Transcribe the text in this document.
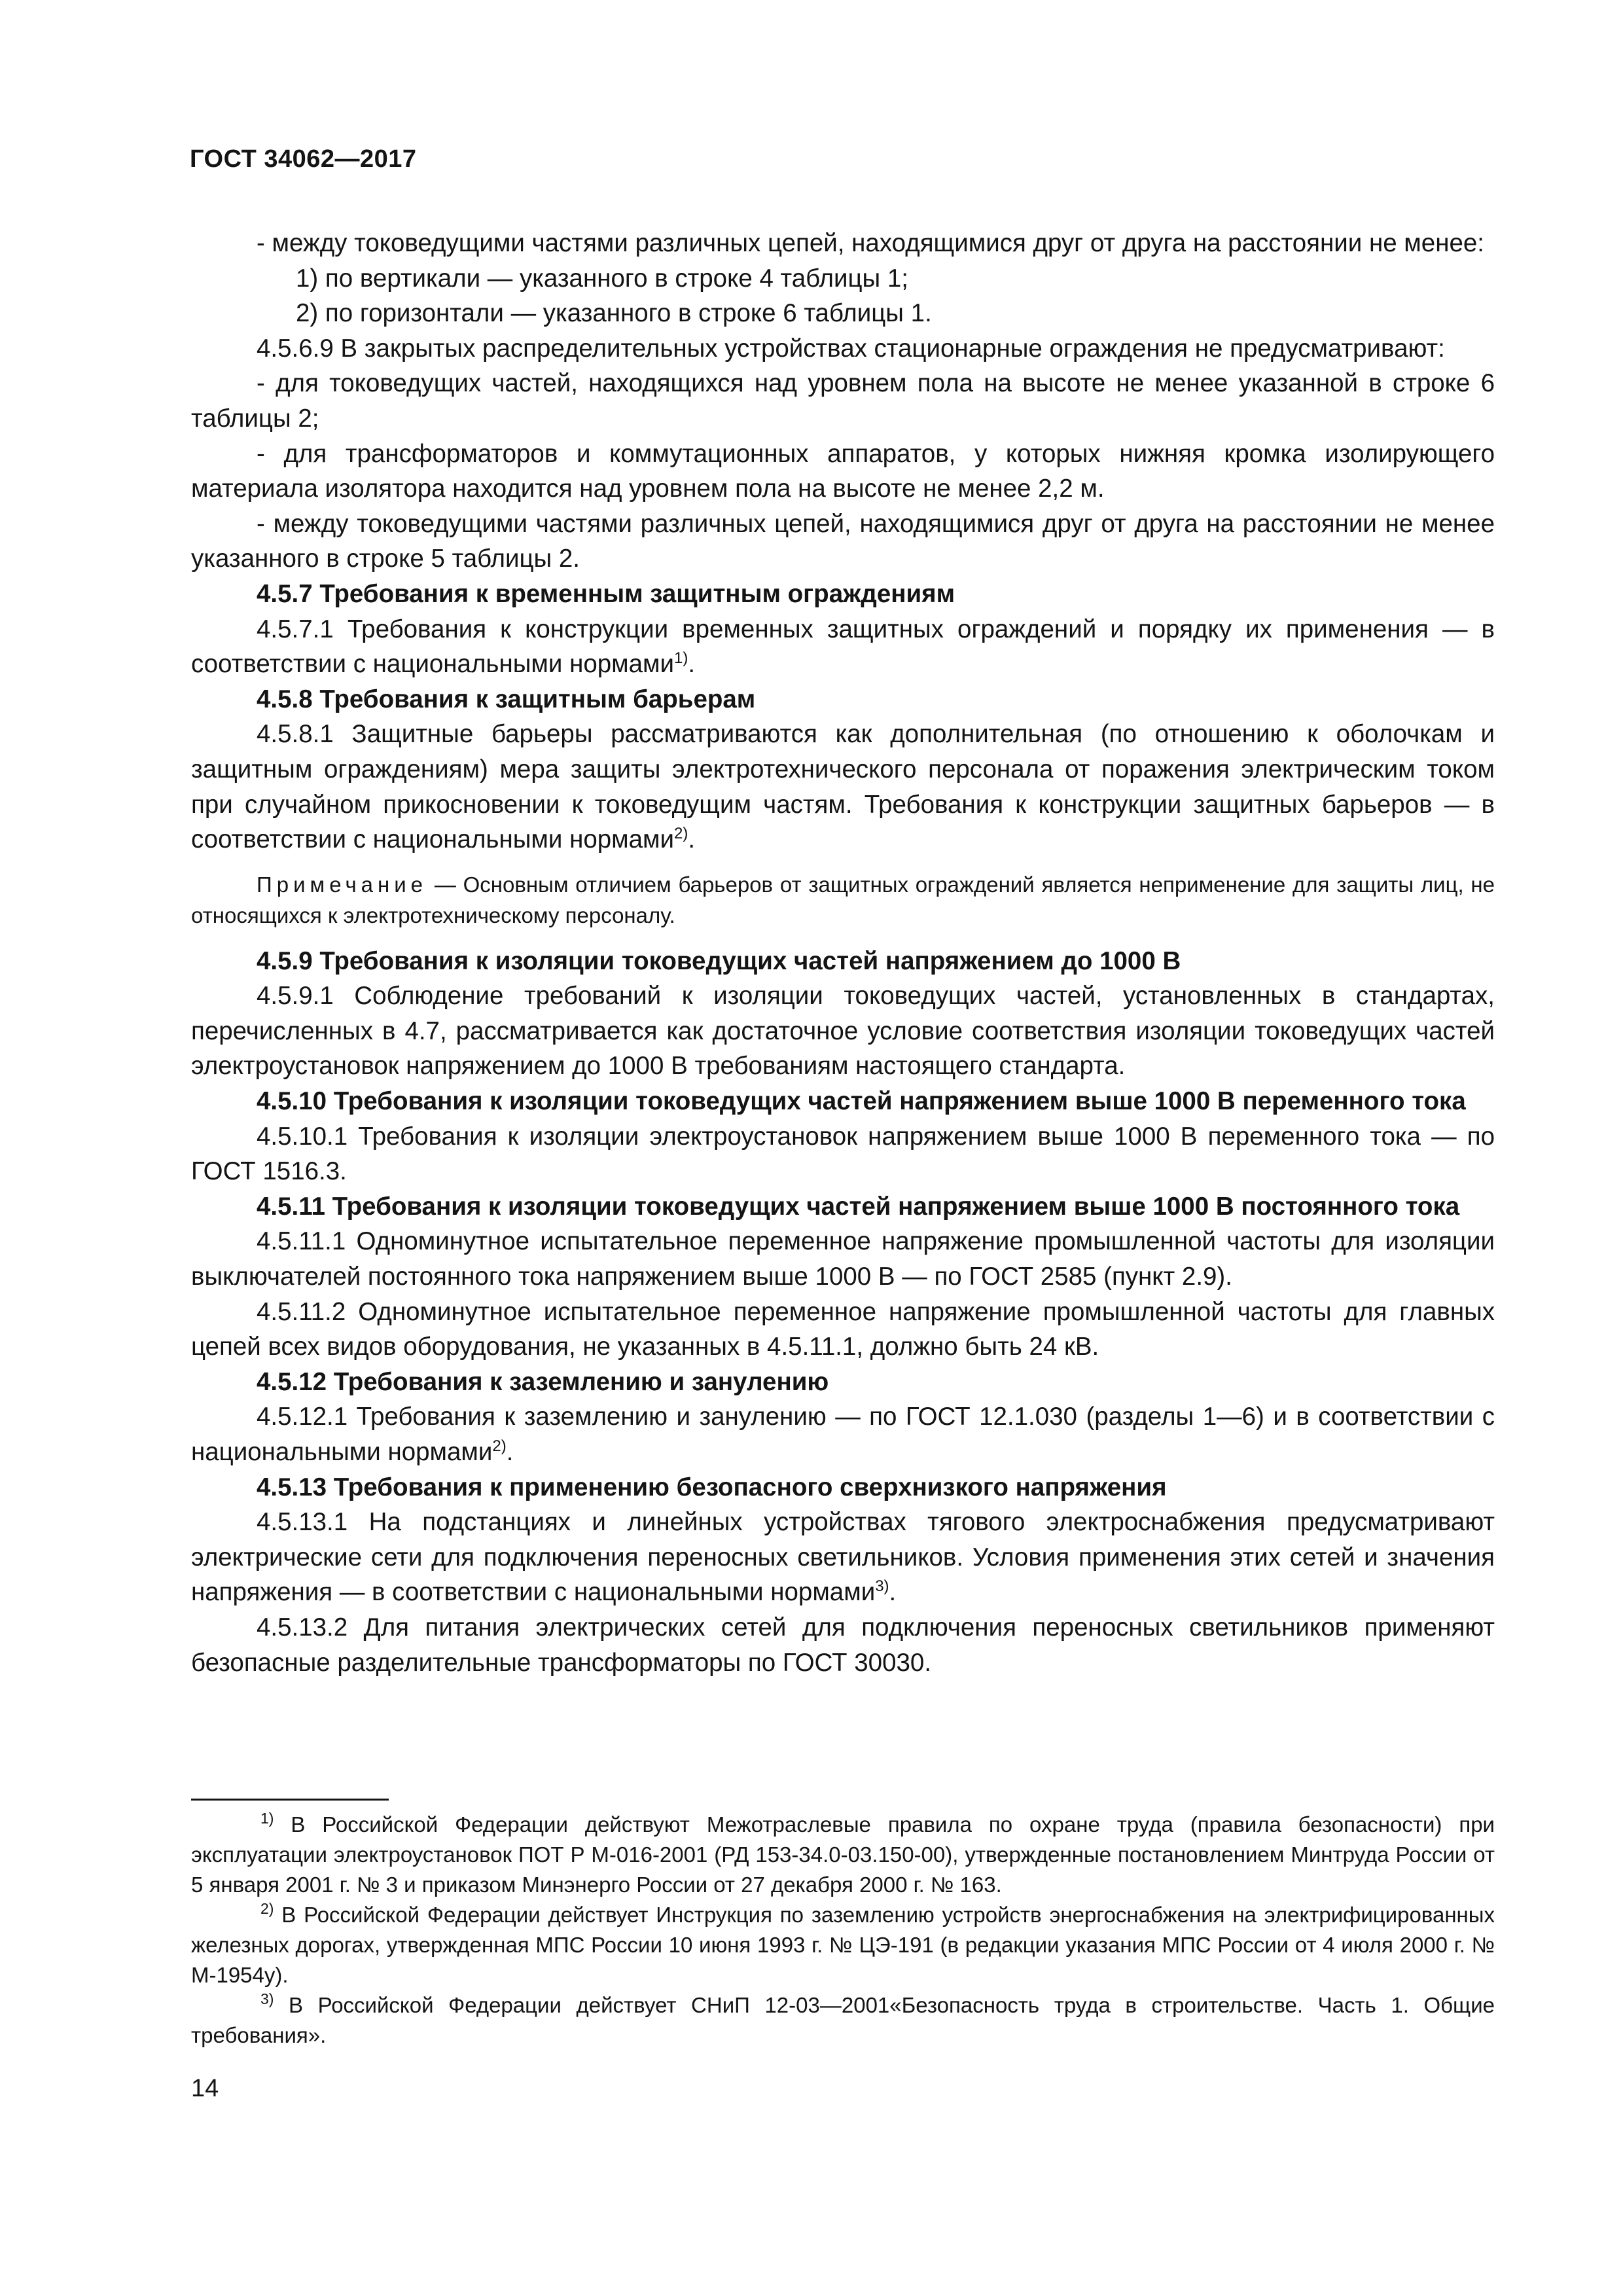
ГОСТ 34062—2017

- между токоведущими частями различных цепей, находящимися друг от друга на расстоянии не менее:

1) по вертикали — указанного в строке 4 таблицы 1;

2) по горизонтали — указанного в строке 6 таблицы 1.

4.5.6.9 В закрытых распределительных устройствах стационарные ограждения не предусматривают:

- для токоведущих частей, находящихся над уровнем пола на высоте не менее указанной в строке 6 таблицы 2;

- для трансформаторов и коммутационных аппаратов, у которых нижняя кромка изолирующего материала изолятора находится над уровнем пола на высоте не менее 2,2 м.

- между токоведущими частями различных цепей, находящимися друг от друга на расстоянии не менее указанного в строке 5 таблицы 2.

4.5.7 Требования к временным защитным ограждениям

4.5.7.1 Требования к конструкции временных защитных ограждений и порядку их применения — в соответствии с национальными нормами$^{1)}$.

4.5.8 Требования к защитным барьерам

4.5.8.1 Защитные барьеры рассматриваются как дополнительная (по отношению к оболочкам и защитным ограждениям) мера защиты электротехнического персонала от поражения электрическим током при случайном прикосновении к токоведущим частям. Требования к конструкции защитных барьеров — в соответствии с национальными нормами$^{2)}$.

Примечание — Основным отличием барьеров от защитных ограждений является неприменение для защиты лиц, не относящихся к электротехническому персоналу.

4.5.9 Требования к изоляции токоведущих частей напряжением до 1000 В

4.5.9.1 Соблюдение требований к изоляции токоведущих частей, установленных в стандартах, перечисленных в 4.7, рассматривается как достаточное условие соответствия изоляции токоведущих частей электроустановок напряжением до 1000 В требованиям настоящего стандарта.

4.5.10 Требования к изоляции токоведущих частей напряжением выше 1000 В переменного тока

4.5.10.1 Требования к изоляции электроустановок напряжением выше 1000 В переменного тока — по ГОСТ 1516.3.

4.5.11 Требования к изоляции токоведущих частей напряжением выше 1000 В постоянного тока

4.5.11.1 Одноминутное испытательное переменное напряжение промышленной частоты для изоляции выключателей постоянного тока напряжением выше 1000 В — по ГОСТ 2585 (пункт 2.9).

4.5.11.2 Одноминутное испытательное переменное напряжение промышленной частоты для главных цепей всех видов оборудования, не указанных в 4.5.11.1, должно быть 24 кВ.

4.5.12 Требования к заземлению и занулению

4.5.12.1 Требования к заземлению и занулению — по ГОСТ 12.1.030 (разделы 1—6) и в соответствии с национальными нормами$^{2)}$.

4.5.13 Требования к применению безопасного сверхнизкого напряжения

4.5.13.1 На подстанциях и линейных устройствах тягового электроснабжения предусматривают электрические сети для подключения переносных светильников. Условия применения этих сетей и значения напряжения — в соответствии с национальными нормами$^{3)}$.

4.5.13.2 Для питания электрических сетей для подключения переносных светильников применяют безопасные разделительные трансформаторы по ГОСТ 30030.

$^{1)}$ В Российской Федерации действуют Межотраслевые правила по охране труда (правила безопасности) при эксплуатации электроустановок ПОТ Р М-016-2001 (РД 153-34.0-03.150-00), утвержденные постановлением Минтруда России от 5 января 2001 г. № 3 и приказом Минэнерго России от 27 декабря 2000 г. № 163.

$^{2)}$ В Российской Федерации действует Инструкция по заземлению устройств энергоснабжения на электрифицированных железных дорогах, утвержденная МПС России 10 июня 1993 г. № ЦЭ-191 (в редакции указания МПС России от 4 июля 2000 г. № М-1954у).

$^{3)}$ В Российской Федерации действует СНиП 12-03—2001«Безопасность труда в строительстве. Часть 1. Общие требования».

14
